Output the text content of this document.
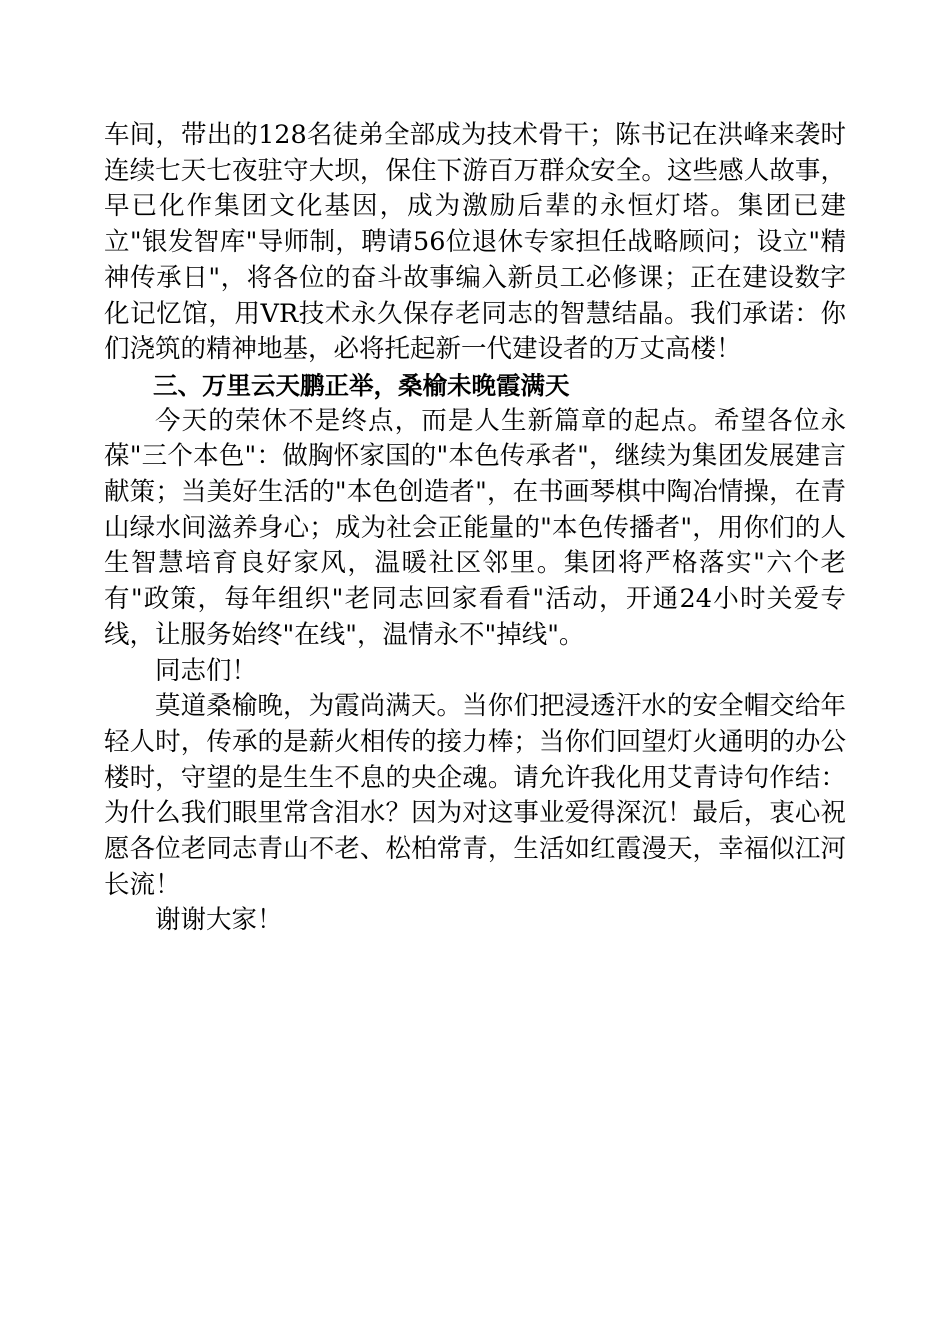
车间，带出的128名徒弟全部成为技术骨干；陈书记在洪峰来袭时连续七天七夜驻守大坝，保住下游百万群众安全。这些感人故事，早已化作集团文化基因，成为激励后辈的永恒灯塔。集团已建立"银发智库"导师制，聘请56位退休专家担任战略顾问；设立"精神传承日"，将各位的奋斗故事编入新员工必修课；正在建设数字化记忆馆，用VR技术永久保存老同志的智慧结晶。我们承诺：你们浇筑的精神地基，必将托起新一代建设者的万丈高楼！

三、万里云天鹏正举，桑榆未晚霞满天

今天的荣休不是终点，而是人生新篇章的起点。希望各位永葆"三个本色"：做胸怀家国的"本色传承者"，继续为集团发展建言献策；当美好生活的"本色创造者"，在书画琴棋中陶冶情操，在青山绿水间滋养身心；成为社会正能量的"本色传播者"，用你们的人生智慧培育良好家风，温暖社区邻里。集团将严格落实"六个老有"政策，每年组织"老同志回家看看"活动，开通24小时关爱专线，让服务始终"在线"，温情永不"掉线"。

同志们！

莫道桑榆晚，为霞尚满天。当你们把浸透汗水的安全帽交给年轻人时，传承的是薪火相传的接力棒；当你们回望灯火通明的办公楼时，守望的是生生不息的央企魂。请允许我化用艾青诗句作结：为什么我们眼里常含泪水？因为对这事业爱得深沉！最后，衷心祝愿各位老同志青山不老、松柏常青，生活如红霞漫天，幸福似江河长流！

谢谢大家！
